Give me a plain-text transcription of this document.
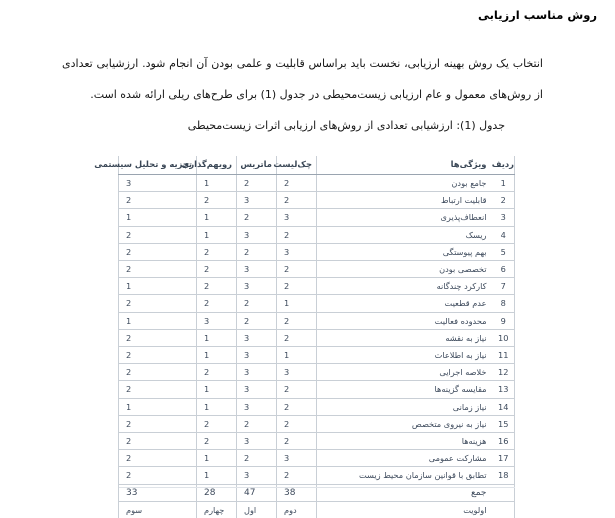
روش مناسب ارزیابی
انتخاب یک روش بهینه ارزیابی، نخست باید براساس قابلیت و علمی بودن آن انجام شود. ارزشیابی تعدادی از روش‌های معمول و عام ارزیابی زیست‌محیطی در جدول (1) برای طرح‌های ریلی ارائه شده است.
جدول (1): ارزشیابی تعدادی از روش‌های ارزیابی اثرات زیست‌محیطی
ردیف	ویژگی‌ها	چک‌لیست	ماتریس	رویهم‌گذاری	تجزیه و تحلیل سیستمی
1	جامع بودن	2	2	1	3
2	قابلیت ارتباط	2	3	2	2
3	انعطاف‌پذیری	3	2	1	1
4	ریسک	2	3	1	2
5	بهم پیوستگی	3	2	2	2
6	تخصصی بودن	2	3	2	2
7	کارکرد چندگانه	2	3	2	1
8	عدم قطعیت	1	2	2	2
9	محدوده فعالیت	2	2	3	1
10	نیاز به نقشه	2	3	1	2
11	نیاز به اطلاعات	1	3	1	2
12	خلاصه اجرایی	3	3	2	2
13	مقایسه گزینه‌ها	2	3	1	2
14	نیاز زمانی	2	3	1	1
15	نیاز به نیروی متخصص	2	2	2	2
16	هزینه‌ها	2	3	2	2
17	مشارکت عمومی	3	2	1	2
18	تطابق با قوانین سازمان محیط زیست	2	3	1	2
	جمع	38	47	28	33
	اولویت	دوم	اول	چهارم	سوم
